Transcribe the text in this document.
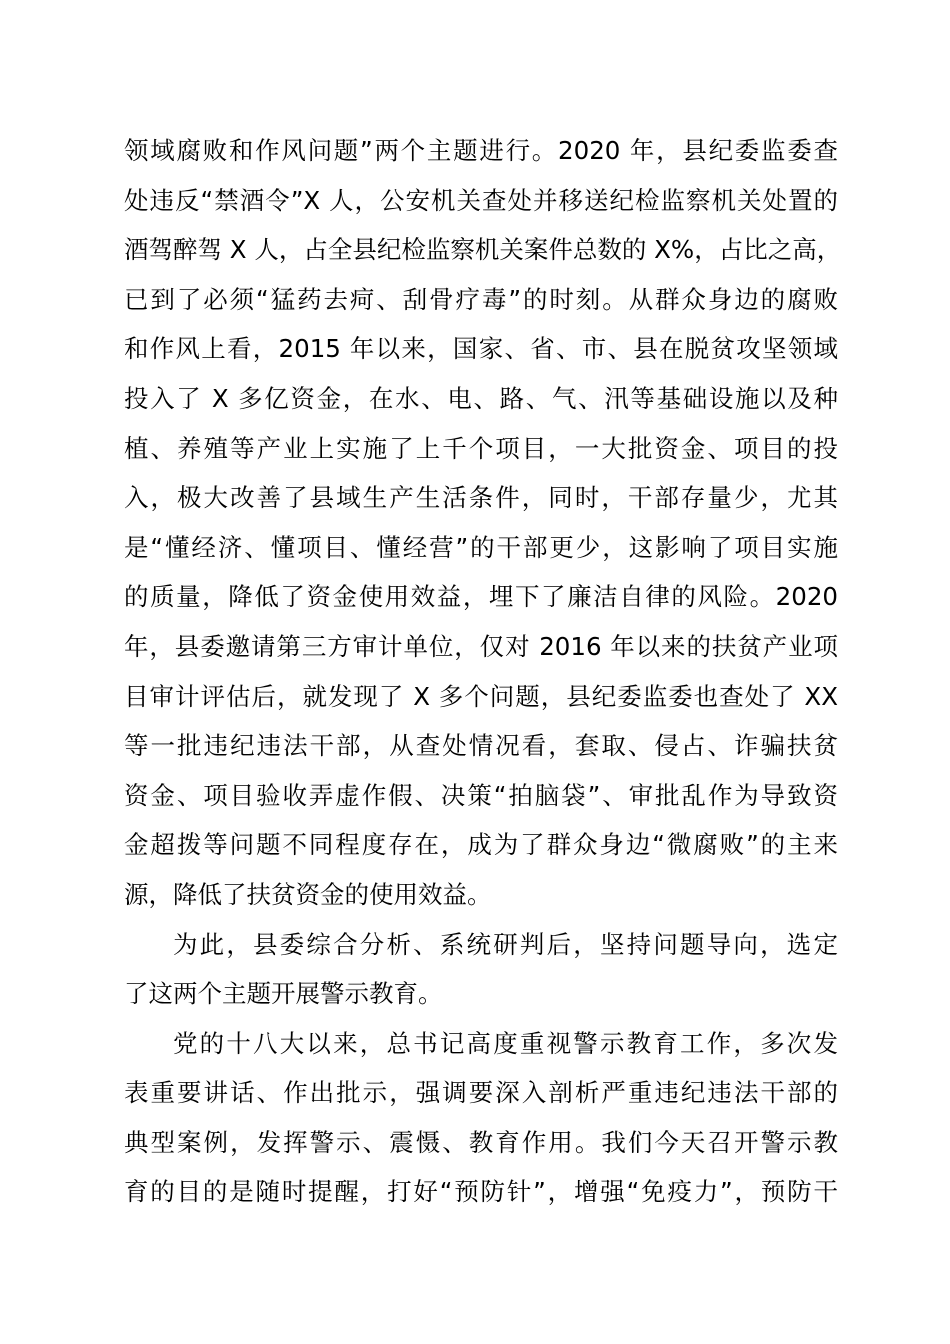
领域腐败和作风问题”两个主题进行。2020 年，县纪委监委查
处违反“禁酒令”X 人，公安机关查处并移送纪检监察机关处置的
酒驾醉驾 X 人，占全县纪检监察机关案件总数的 X%，占比之高，
已到了必须“猛药去疴、刮骨疗毒”的时刻。从群众身边的腐败
和作风上看，2015 年以来，国家、省、市、县在脱贫攻坚领域
投入了 X 多亿资金，在水、电、路、气、汛等基础设施以及种
植、养殖等产业上实施了上千个项目，一大批资金、项目的投
入，极大改善了县域生产生活条件，同时，干部存量少，尤其
是“懂经济、懂项目、懂经营”的干部更少，这影响了项目实施
的质量，降低了资金使用效益，埋下了廉洁自律的风险。2020
年，县委邀请第三方审计单位，仅对 2016 年以来的扶贫产业项
目审计评估后，就发现了 X 多个问题，县纪委监委也查处了 XX
等一批违纪违法干部，从查处情况看，套取、侵占、诈骗扶贫
资金、项目验收弄虚作假、决策“拍脑袋”、审批乱作为导致资
金超拨等问题不同程度存在，成为了群众身边“微腐败”的主来
源，降低了扶贫资金的使用效益。
为此，县委综合分析、系统研判后，坚持问题导向，选定
了这两个主题开展警示教育。
党的十八大以来，总书记高度重视警示教育工作，多次发
表重要讲话、作出批示，强调要深入剖析严重违纪违法干部的
典型案例，发挥警示、震慑、教育作用。我们今天召开警示教
育的目的是随时提醒，打好“预防针”，增强“免疫力”，预防干
